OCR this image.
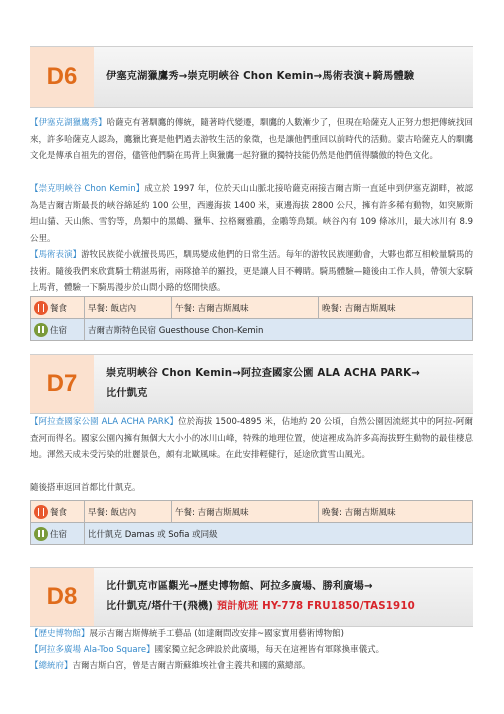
D6	伊塞克湖獵鷹秀→崇克明峽谷 Chon Kemin→馬術表演+騎馬體驗
【伊塞克湖獵鷹秀】哈薩克有著馴鷹的傳統，隨著時代變遷，馴鷹的人數漸少了，但現在哈薩克人正努力想把傳統找回來，許多哈薩克人認為，鷹獵比賽是他們過去游牧生活的象徵，也是讓他們重回以前時代的活動。蒙古哈薩克人的馴鷹文化是傳承自祖先的習俗，儘管他們騎在馬背上與獵鷹一起狩獵的獨特技能仍然是他們值得驕傲的特色文化。
【崇克明峽谷 Chon Kemin】成立於 1997 年，位於天山山脈北接哈薩克兩接吉爾吉斯一直延申到伊塞克湖畔，被認為是吉爾吉斯最長的峽谷綿延約 100 公里，西邊海拔 1400 米，東邊海拔 2800 公尺，擁有許多稀有動物，如突厥斯坦山貓、天山熊、雪豹等，鳥類中的黑鶴、獵隼、拉格爾雅鶥，金鵰等鳥類。峽谷內有 109 條冰川，最大冰川有 8.9 公里。
【馬術表演】游牧民族從小就擅長馬匹，馴馬變成他們的日常生活。每年的游牧民族運動會，大夥也都互相較量騎馬的技術。隨後我們來欣賞騎士精湛馬術，兩隊搶羊的羅投，更是讓人目不轉睛。騎馬體驗—隨後由工作人員，帶領大家騎上馬背，體驗一下騎馬漫步於山間小路的悠閒快感。
餐食	早餐: 飯店內	午餐: 吉爾吉斯風味	晚餐: 吉爾吉斯風味
住宿	吉爾吉斯特色民宿 Guesthouse Chon-Kemin		
D7	崇克明峽谷 Chon Kemin→阿拉查國家公園 ALA ACHA PARK→
比什凱克
【阿拉查國家公園 ALA ACHA PARK】位於海拔 1500-4895 米，佔地約 20 公頃，自然公園因流經其中的阿拉-阿爾查河而得名。國家公園內擁有無個大大小小的冰川山峰，特殊的地理位置，使這裡成為許多高海拔野生動物的最佳棲息地。渾然天成未受污染的壯麗景色，頗有北歐風味。在此安排輕健行，延途欣賞雪山風光。
隨後搭車返回首都比什凱克。
餐食	早餐: 飯店內	午餐: 吉爾吉斯風味	晚餐: 吉爾吉斯風味
住宿	比什凱克 Damas 或 Sofia 或同級		
D8	比什凱克市區觀光→歷史博物館、阿拉多廣場、勝利廣場→
比什凱克/塔什干(飛機) 預計航班 HY-778 FRU1850/TAS1910
【歷史博物館】展示吉爾吉斯傳統手工藝品 (如達爾問改安排~國家實用藝術博物館)
【阿拉多廣場 Ala-Too Square】國家獨立紀念碑設於此廣場，每天在這裡皆有軍隊換車儀式。
【總統府】吉爾吉斯白宮，曾是吉爾吉斯蘇維埃社會主義共和國的黨總部。
